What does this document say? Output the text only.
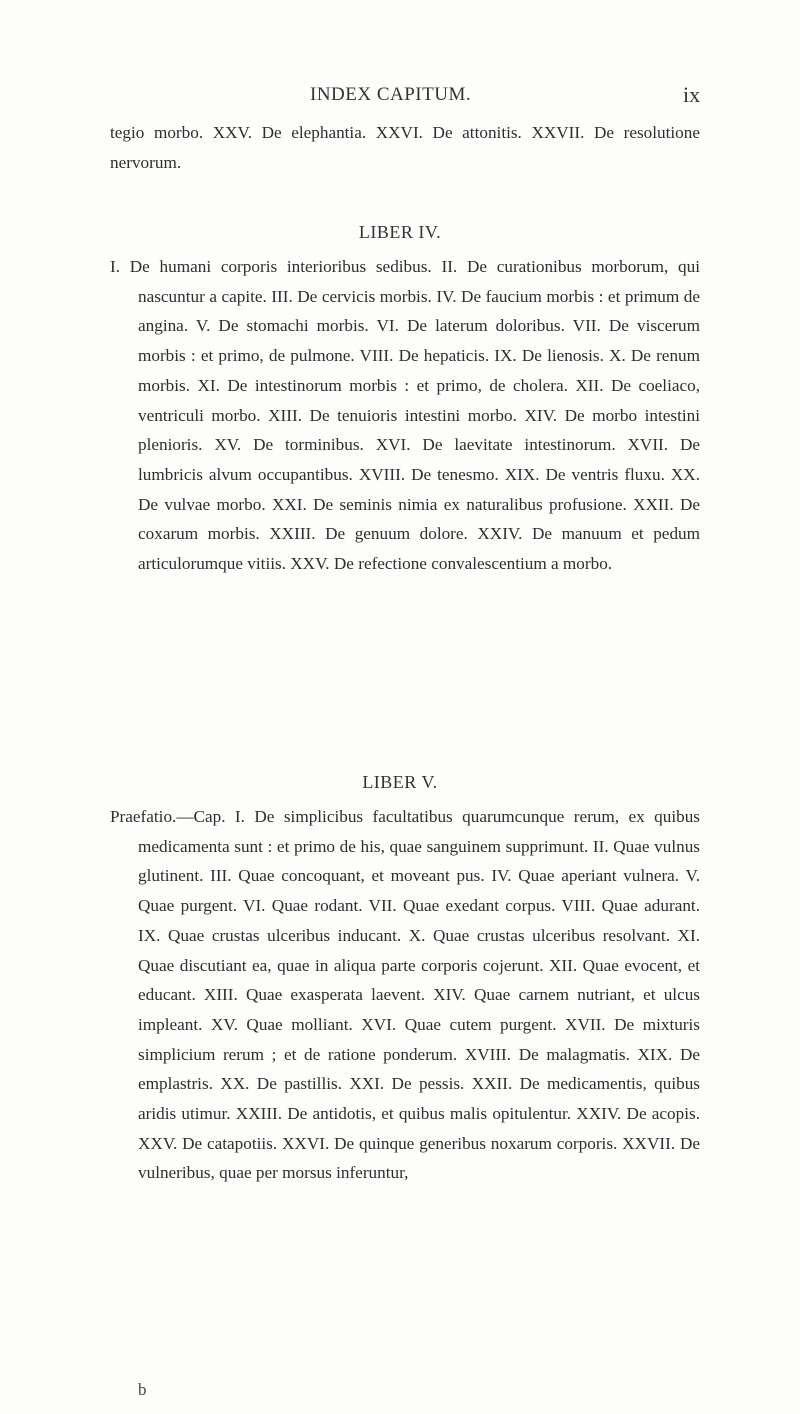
INDEX CAPITUM.	ix

tegio morbo. XXV. De elephantia. XXVI. De attonitis. XXVII. De resolutione nervorum.

LIBER IV.

I. De humani corporis interioribus sedibus. II. De curationibus morborum, qui nascuntur a capite. III. De cervicis morbis. IV. De faucium morbis : et primum de angina. V. De stomachi morbis. VI. De laterum doloribus. VII. De viscerum morbis : et primo, de pulmone. VIII. De hepaticis. IX. De lienosis. X. De renum morbis. XI. De intestinorum morbis : et primo, de cholera. XII. De coeliaco, ventriculi morbo. XIII. De tenuioris intestini morbo. XIV. De morbo intestini plenioris. XV. De torminibus. XVI. De laevitate intestinorum. XVII. De lumbricis alvum occupantibus. XVIII. De tenesmo. XIX. De ventris fluxu. XX. De vulvae morbo. XXI. De seminis nimia ex naturalibus profusione. XXII. De coxarum morbis. XXIII. De genuum dolore. XXIV. De manuum et pedum articulorumque vitiis. XXV. De refectione convalescentium a morbo.

LIBER V.

Praefatio.—Cap. I. De simplicibus facultatibus quarumcunque rerum, ex quibus medicamenta sunt : et primo de his, quae sanguinem supprimunt. II. Quae vulnus glutinent. III. Quae concoquant, et moveant pus. IV. Quae aperiant vulnera. V. Quae purgent. VI. Quae rodant. VII. Quae exedant corpus. VIII. Quae adurant. IX. Quae crustas ulceribus inducant. X. Quae crustas ulceribus resolvant. XI. Quae discutiant ea, quae in aliqua parte corporis cojerunt. XII. Quae evocent, et educant. XIII. Quae exasperata laevent. XIV. Quae carnem nutriant, et ulcus impleant. XV. Quae molliant. XVI. Quae cutem purgent. XVII. De mixturis simplicium rerum ; et de ratione ponderum. XVIII. De malagmatis. XIX. De emplastris. XX. De pastillis. XXI. De pessis. XXII. De medicamentis, quibus aridis utimur. XXIII. De antidotis, et quibus malis opitulentur. XXIV. De acopis. XXV. De catapotiis. XXVI. De quinque generibus noxarum corporis. XXVII. De vulneribus, quae per morsus inferuntur,

b
